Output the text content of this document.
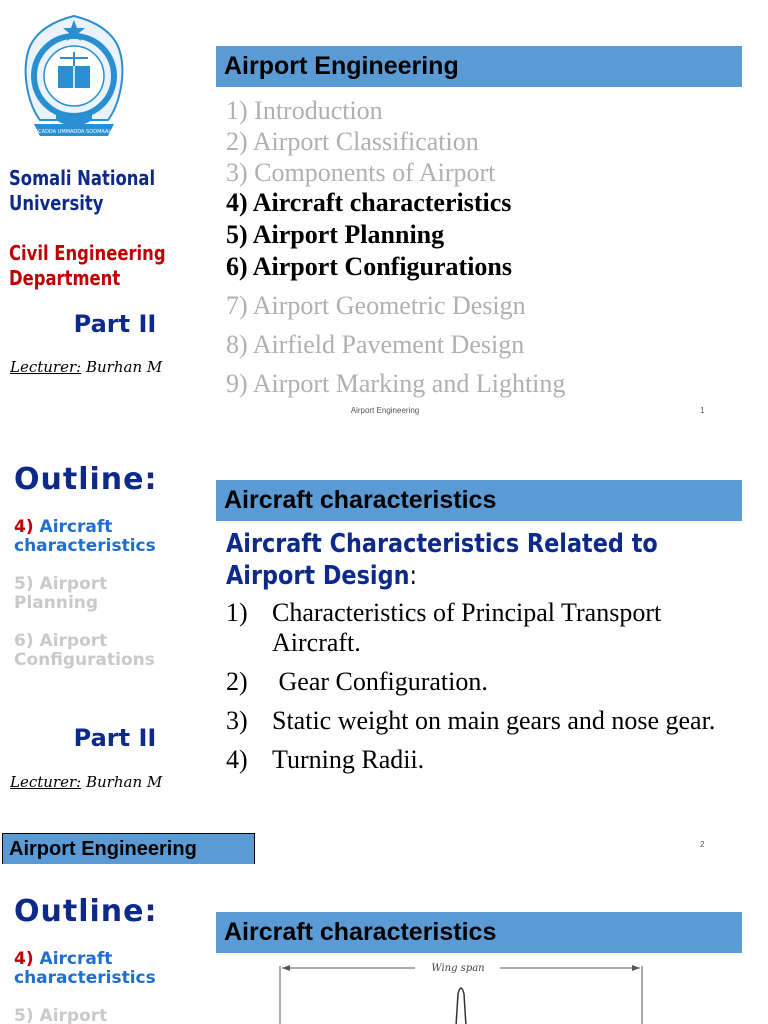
JAAMACADDA UMMADDA SOOMAALIYEED
Somali National University
Civil Engineering Department
Part II
Lecturer: Burhan M
Airport Engineering
1) Introduction
2) Airport Classification
3) Components of Airport
4) Aircraft characteristics
5) Airport Planning
6) Airport Configurations
7) Airport Geometric Design
8) Airfield Pavement Design
9) Airport Marking and Lighting
Airport Engineering	1
Outline:
4) Aircraft characteristics
5) Airport Planning
6) Airport Configurations
Part II
Lecturer: Burhan M
Aircraft characteristics
Aircraft Characteristics Related to Airport Design:
1) Characteristics of Principal Transport Aircraft.
2) Gear Configuration.
3) Static weight on main gears and nose gear.
4) Turning Radii.
Airport Engineering	2
Outline:
4) Aircraft characteristics
5) Airport
Aircraft characteristics
Wing span
